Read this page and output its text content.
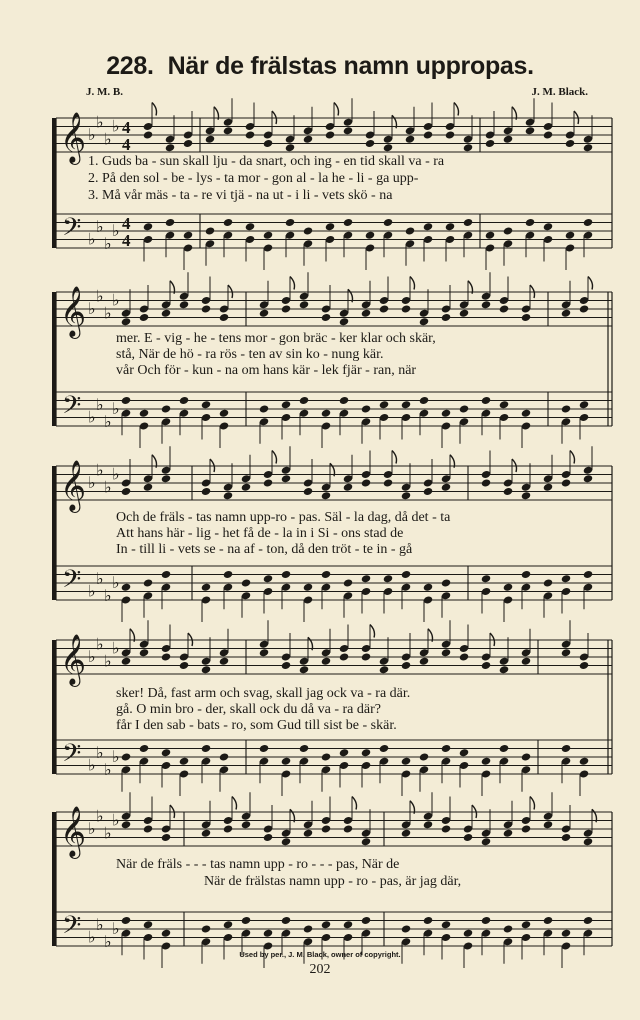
228. När de frälstas namn uppropas.
J. M. B.	J. M. Black.
𝄞
𝄢
♭
♭
♭
♭
♭
♭
♭
♭
4
4
4
4
𝄞
𝄢
♭
♭
♭
♭
♭
♭
♭
♭
𝄞
𝄢
♭
♭
♭
♭
♭
♭
♭
♭
𝄞
𝄢
♭
♭
♭
♭
♭
♭
♭
♭
𝄞
𝄢
♭
♭
♭
♭
♭
♭
♭
♭
1. Guds ba - sun skall lju - da snart, och ing - en tid skall va - ra
2. På den sol - be - lys - ta mor - gon al - la he - li - ga upp-
3. Må vår mäs - ta - re vi tjä - na ut - i li - vets skö - na
mer. E - vig - he - tens mor - gon bräc - ker klar och skär,
stå, När de hö - ra rös - ten av sin ko - nung kär.
vår Och för - kun - na om hans kär - lek fjär - ran, när
Och de fräls - tas namn upp-ro - pas. Säl - la dag, då det - ta
Att hans här - lig - het få de - la in i Si - ons stad de
In - till li - vets se - na af - ton, då den tröt - te in - gå
sker! Då, fast arm och svag, skall jag ock va - ra där.
gå. O min bro - der, skall ock du då va - ra där?
får I den sab - bats - ro, som Gud till sist be - skär.
När de fräls - - - tas namn upp - ro - - - pas, När de
När de frälstas namn upp - ro - pas, är jag där,
Used by per., J. M. Black, owner of copyright.
202
